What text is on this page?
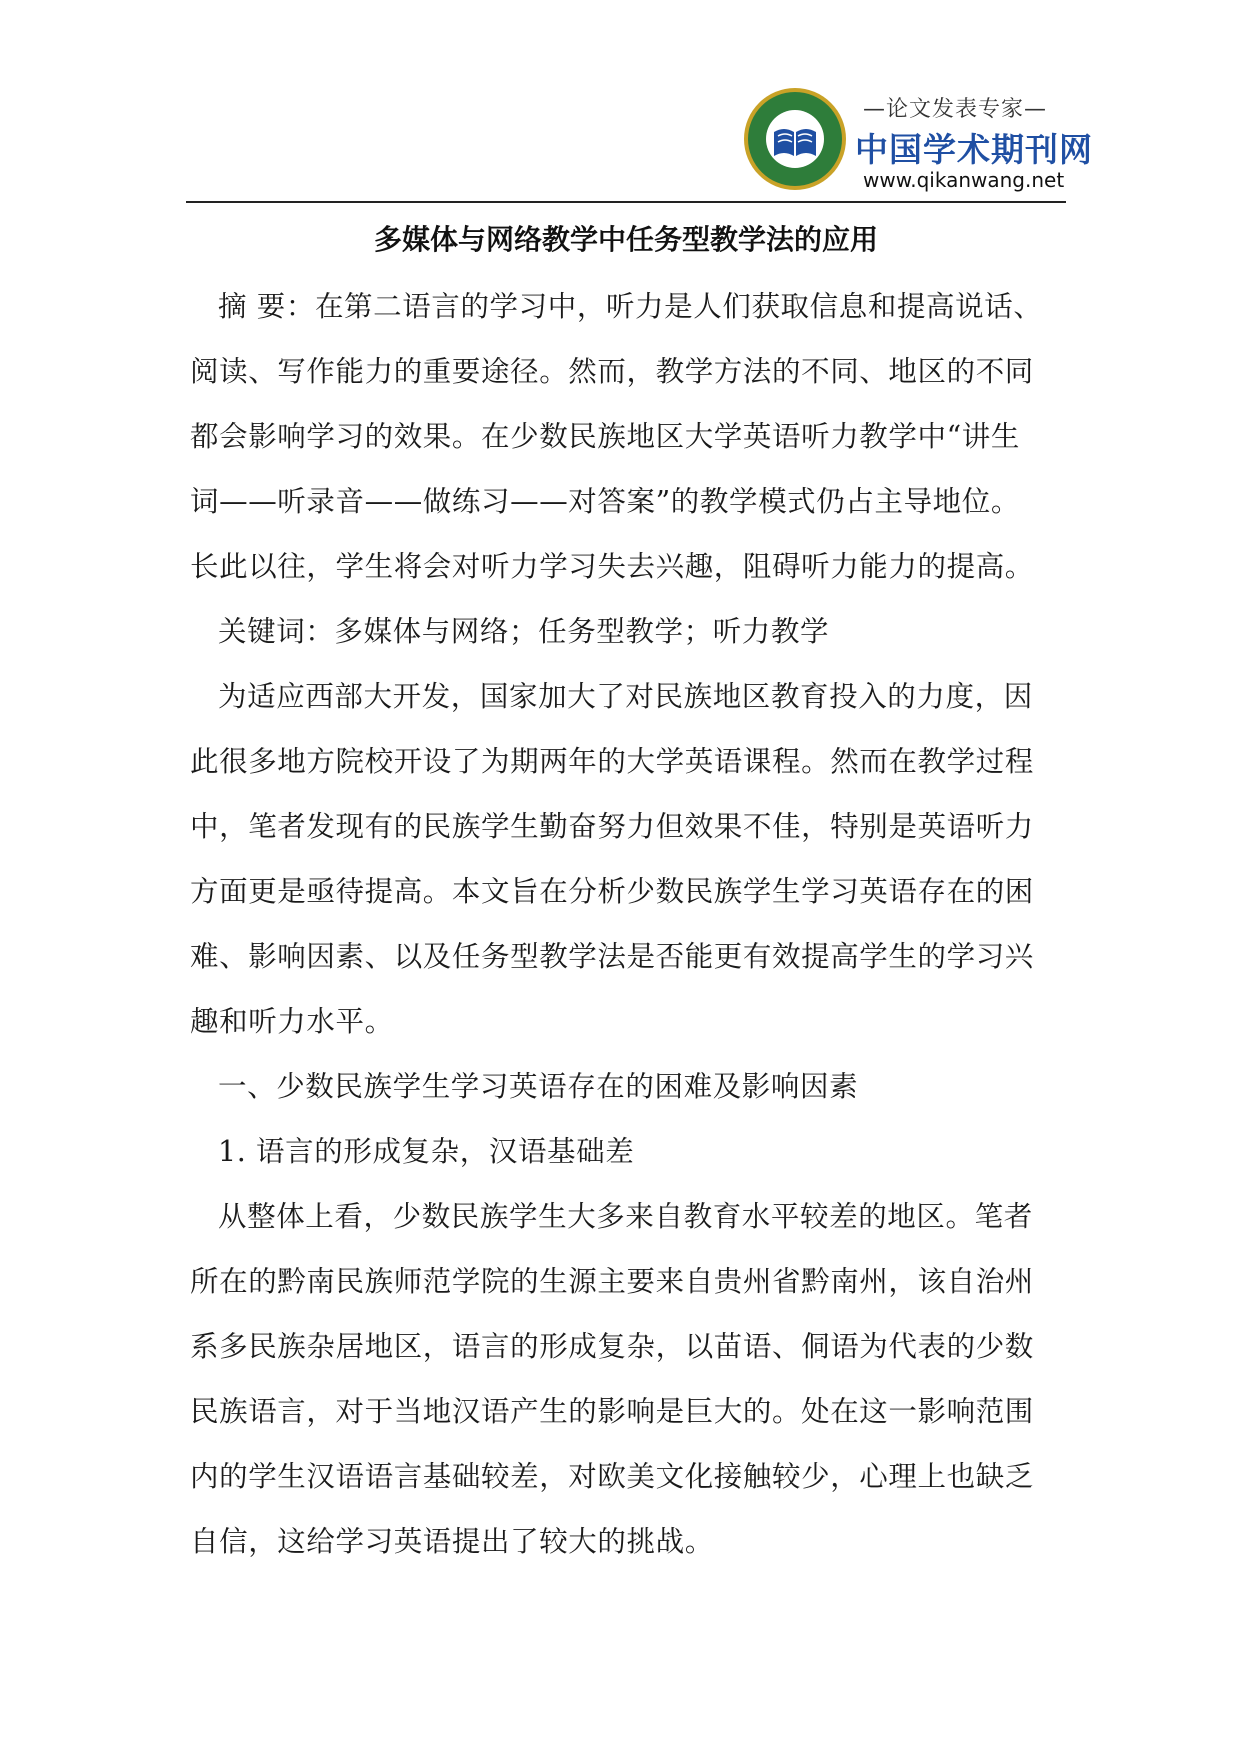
—论文发表专家—
中国学术期刊网
www.qikanwang.net
多媒体与网络教学中任务型教学法的应用
摘 要：在第二语言的学习中，听力是人们获取信息和提高说话、
阅读、写作能力的重要途径。然而，教学方法的不同、地区的不同
都会影响学习的效果。在少数民族地区大学英语听力教学中“讲生
词——听录音——做练习——对答案”的教学模式仍占主导地位。
长此以往，学生将会对听力学习失去兴趣，阻碍听力能力的提高。
关键词：多媒体与网络；任务型教学；听力教学
为适应西部大开发，国家加大了对民族地区教育投入的力度，因
此很多地方院校开设了为期两年的大学英语课程。然而在教学过程
中，笔者发现有的民族学生勤奋努力但效果不佳，特别是英语听力
方面更是亟待提高。本文旨在分析少数民族学生学习英语存在的困
难、影响因素、以及任务型教学法是否能更有效提高学生的学习兴
趣和听力水平。
一、少数民族学生学习英语存在的困难及影响因素
1. 语言的形成复杂，汉语基础差
从整体上看，少数民族学生大多来自教育水平较差的地区。笔者
所在的黔南民族师范学院的生源主要来自贵州省黔南州，该自治州
系多民族杂居地区，语言的形成复杂，以苗语、侗语为代表的少数
民族语言，对于当地汉语产生的影响是巨大的。处在这一影响范围
内的学生汉语语言基础较差，对欧美文化接触较少，心理上也缺乏
自信，这给学习英语提出了较大的挑战。
